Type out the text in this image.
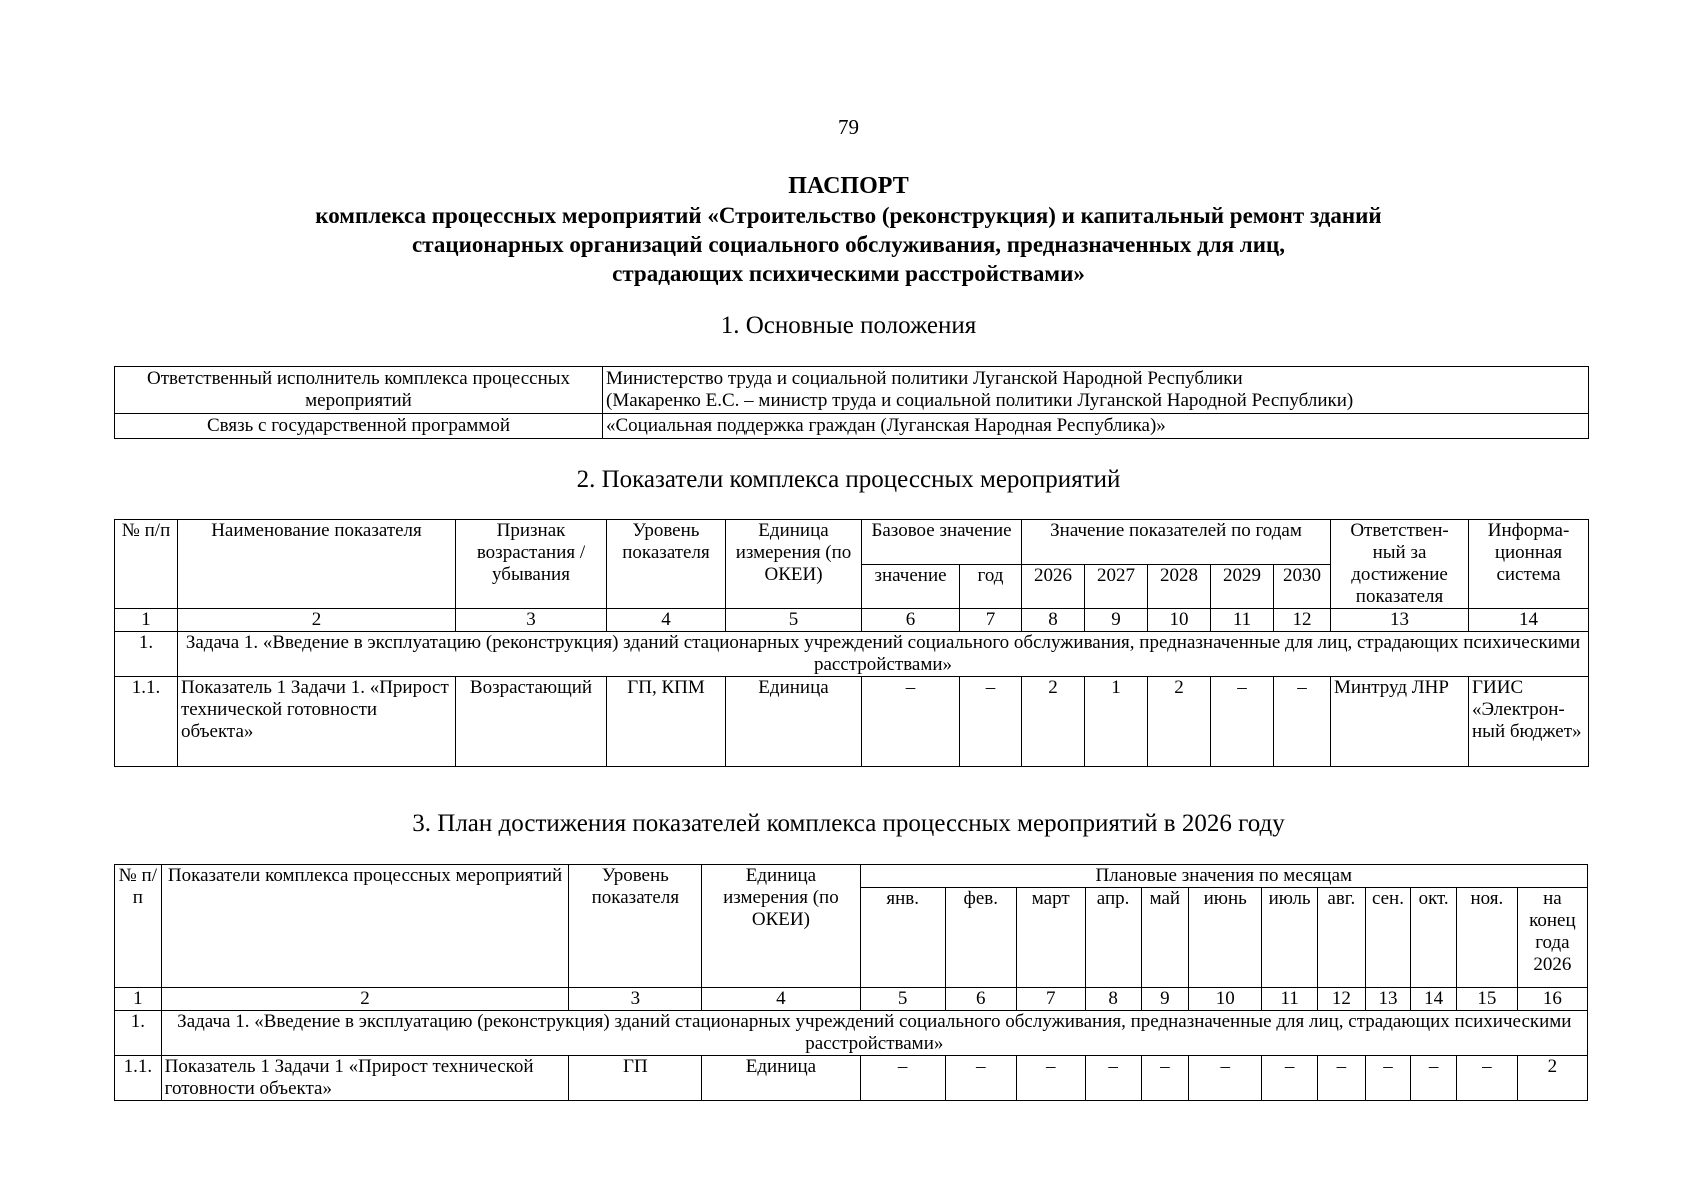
79
ПАСПОРТ
комплекса процессных мероприятий «Строительство (реконструкция) и капитальный ремонт зданий
стационарных организаций социального обслуживания, предназначенных для лиц,
страдающих психическими расстройствами»
1. Основные положения
Ответственный исполнитель комплекса процессных мероприятий	Министерство труда и социальной политики Луганской Народной Республики
(Макаренко Е.С. – министр труда и социальной политики Луганской Народной Республики)

Связь с государственной программой	«Социальная поддержка граждан (Луганская Народная Республика)»
2. Показатели комплекса процессных мероприятий
№ п/п	Наименование показателя	Признак возрастания / убывания	Уровень показателя	Единица измерения (по ОКЕИ)	Базовое значение		Значение показателей по годам					Ответствен-ный за достижение показателя	Информа-ционная система
					значение	год	2026	2027	2028	2029	2030		
1	2	3	4	5	6	7	8	9	10	11	12	13	14
1.	Задача 1. «Введение в эксплуатацию (реконструкция) зданий стационарных учреждений социального обслуживания, предназначенные для лиц, страдающих психическими расстройствами»												
1.1.	Показатель 1 Задачи 1. «Прирост технической готовности объекта»	Возрастающий	ГП, КПМ	Единица	–	–	2	1	2	–	–	Минтруд ЛНР	ГИИС «Электрон-ный бюджет»
3. План достижения показателей комплекса процессных мероприятий в 2026 году
№ п/п	Показатели комплекса процессных мероприятий	Уровень показателя	Единица измерения (по ОКЕИ)	Плановые значения по месяцам											
				янв.	фев.	март	апр.	май	июнь	июль	авг.	сен.	окт.	ноя.	на конец года 2026
1	2	3	4	5	6	7	8	9	10	11	12	13	14	15	16
1.	Задача 1. «Введение в эксплуатацию (реконструкция) зданий стационарных учреждений социального обслуживания, предназначенные для лиц, страдающих психическими расстройствами»														
1.1.	Показатель 1 Задачи 1 «Прирост технической готовности объекта»	ГП	Единица	–	–	–	–	–	–	–	–	–	–	–	2
